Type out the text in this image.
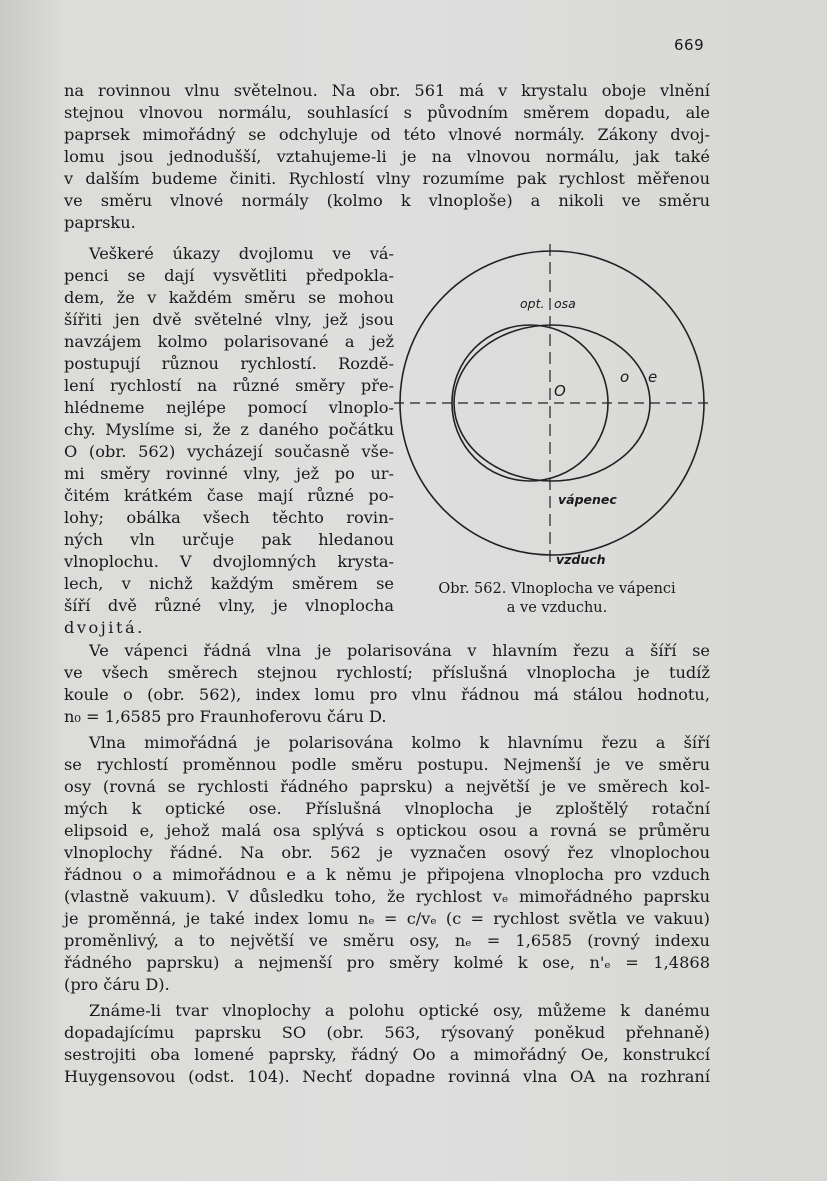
669
na rovinnou vlnu světelnou. Na obr. 561 má v krystalu oboje vlnění
stejnou vlnovou normálu, souhlasící s původním směrem dopadu, ale
paprsek mimořádný se odchyluje od této vlnové normály. Zákony dvoj-
lomu jsou jednodušší, vztahujeme-li je na vlnovou normálu, jak také
v dalším budeme činiti. Rychlostí vlny rozumíme pak rychlost měřenou
ve směru vlnové normály (kolmo k vlnoploše) a nikoli ve směru
paprsku.
Veškeré úkazy dvojlomu ve vá-
penci se dají vysvětliti předpokla-
dem, že v každém směru se mohou
šířiti jen dvě světelné vlny, jež jsou
navzájem kolmo polarisované a jež
postupují různou rychlostí. Rozdě-
lení rychlostí na různé směry pře-
hlédneme nejlépe pomocí vlnoplo-
chy. Myslíme si, že z daného počátku
O (obr. 562) vycházejí současně vše-
mi směry rovinné vlny, jež po ur-
čitém krátkém čase mají různé po-
lohy; obálka všech těchto rovin-
ných vln určuje pak hledanou
vlnoplochu. V dvojlomných krysta-
lech, v nichž každým směrem se
šíří dvě různé vlny, je vlnoplocha
dvojitá.
opt. osa
O
o e
vápenec
vzduch
Obr. 562. Vlnoplocha ve vápenci
a ve vzduchu.
Ve vápenci řádná vlna je polarisována v hlavním řezu a šíří se
ve všech směrech stejnou rychlostí; příslušná vlnoplocha je tudíž
koule o (obr. 562), index lomu pro vlnu řádnou má stálou hodnotu,
n₀ = 1,6585 pro Fraunhoferovu čáru D.
Vlna mimořádná je polarisována kolmo k hlavnímu řezu a šíří
se rychlostí proměnnou podle směru postupu. Nejmenší je ve směru
osy (rovná se rychlosti řádného paprsku) a největší je ve směrech kol-
mých k optické ose. Příslušná vlnoplocha je zploštělý rotační
elipsoid e, jehož malá osa splývá s optickou osou a rovná se průměru
vlnoplochy řádné. Na obr. 562 je vyznačen osový řez vlnoplochou
řádnou o a mimořádnou e a k němu je připojena vlnoplocha pro vzduch
(vlastně vakuum). V důsledku toho, že rychlost vₑ mimořádného paprsku
je proměnná, je také index lomu nₑ = c/vₑ (c = rychlost světla ve vakuu)
proměnlivý, a to největší ve směru osy, nₑ = 1,6585 (rovný indexu
řádného paprsku) a nejmenší pro směry kolmé k ose, n'ₑ = 1,4868
(pro čáru D).
Známe-li tvar vlnoplochy a polohu optické osy, můžeme k danému
dopadajícímu paprsku SO (obr. 563, rýsovaný poněkud přehnaně)
sestrojiti oba lomené paprsky, řádný Oo a mimořádný Oe, konstrukcí
Huygensovou (odst. 104). Nechť dopadne rovinná vlna OA na rozhraní
